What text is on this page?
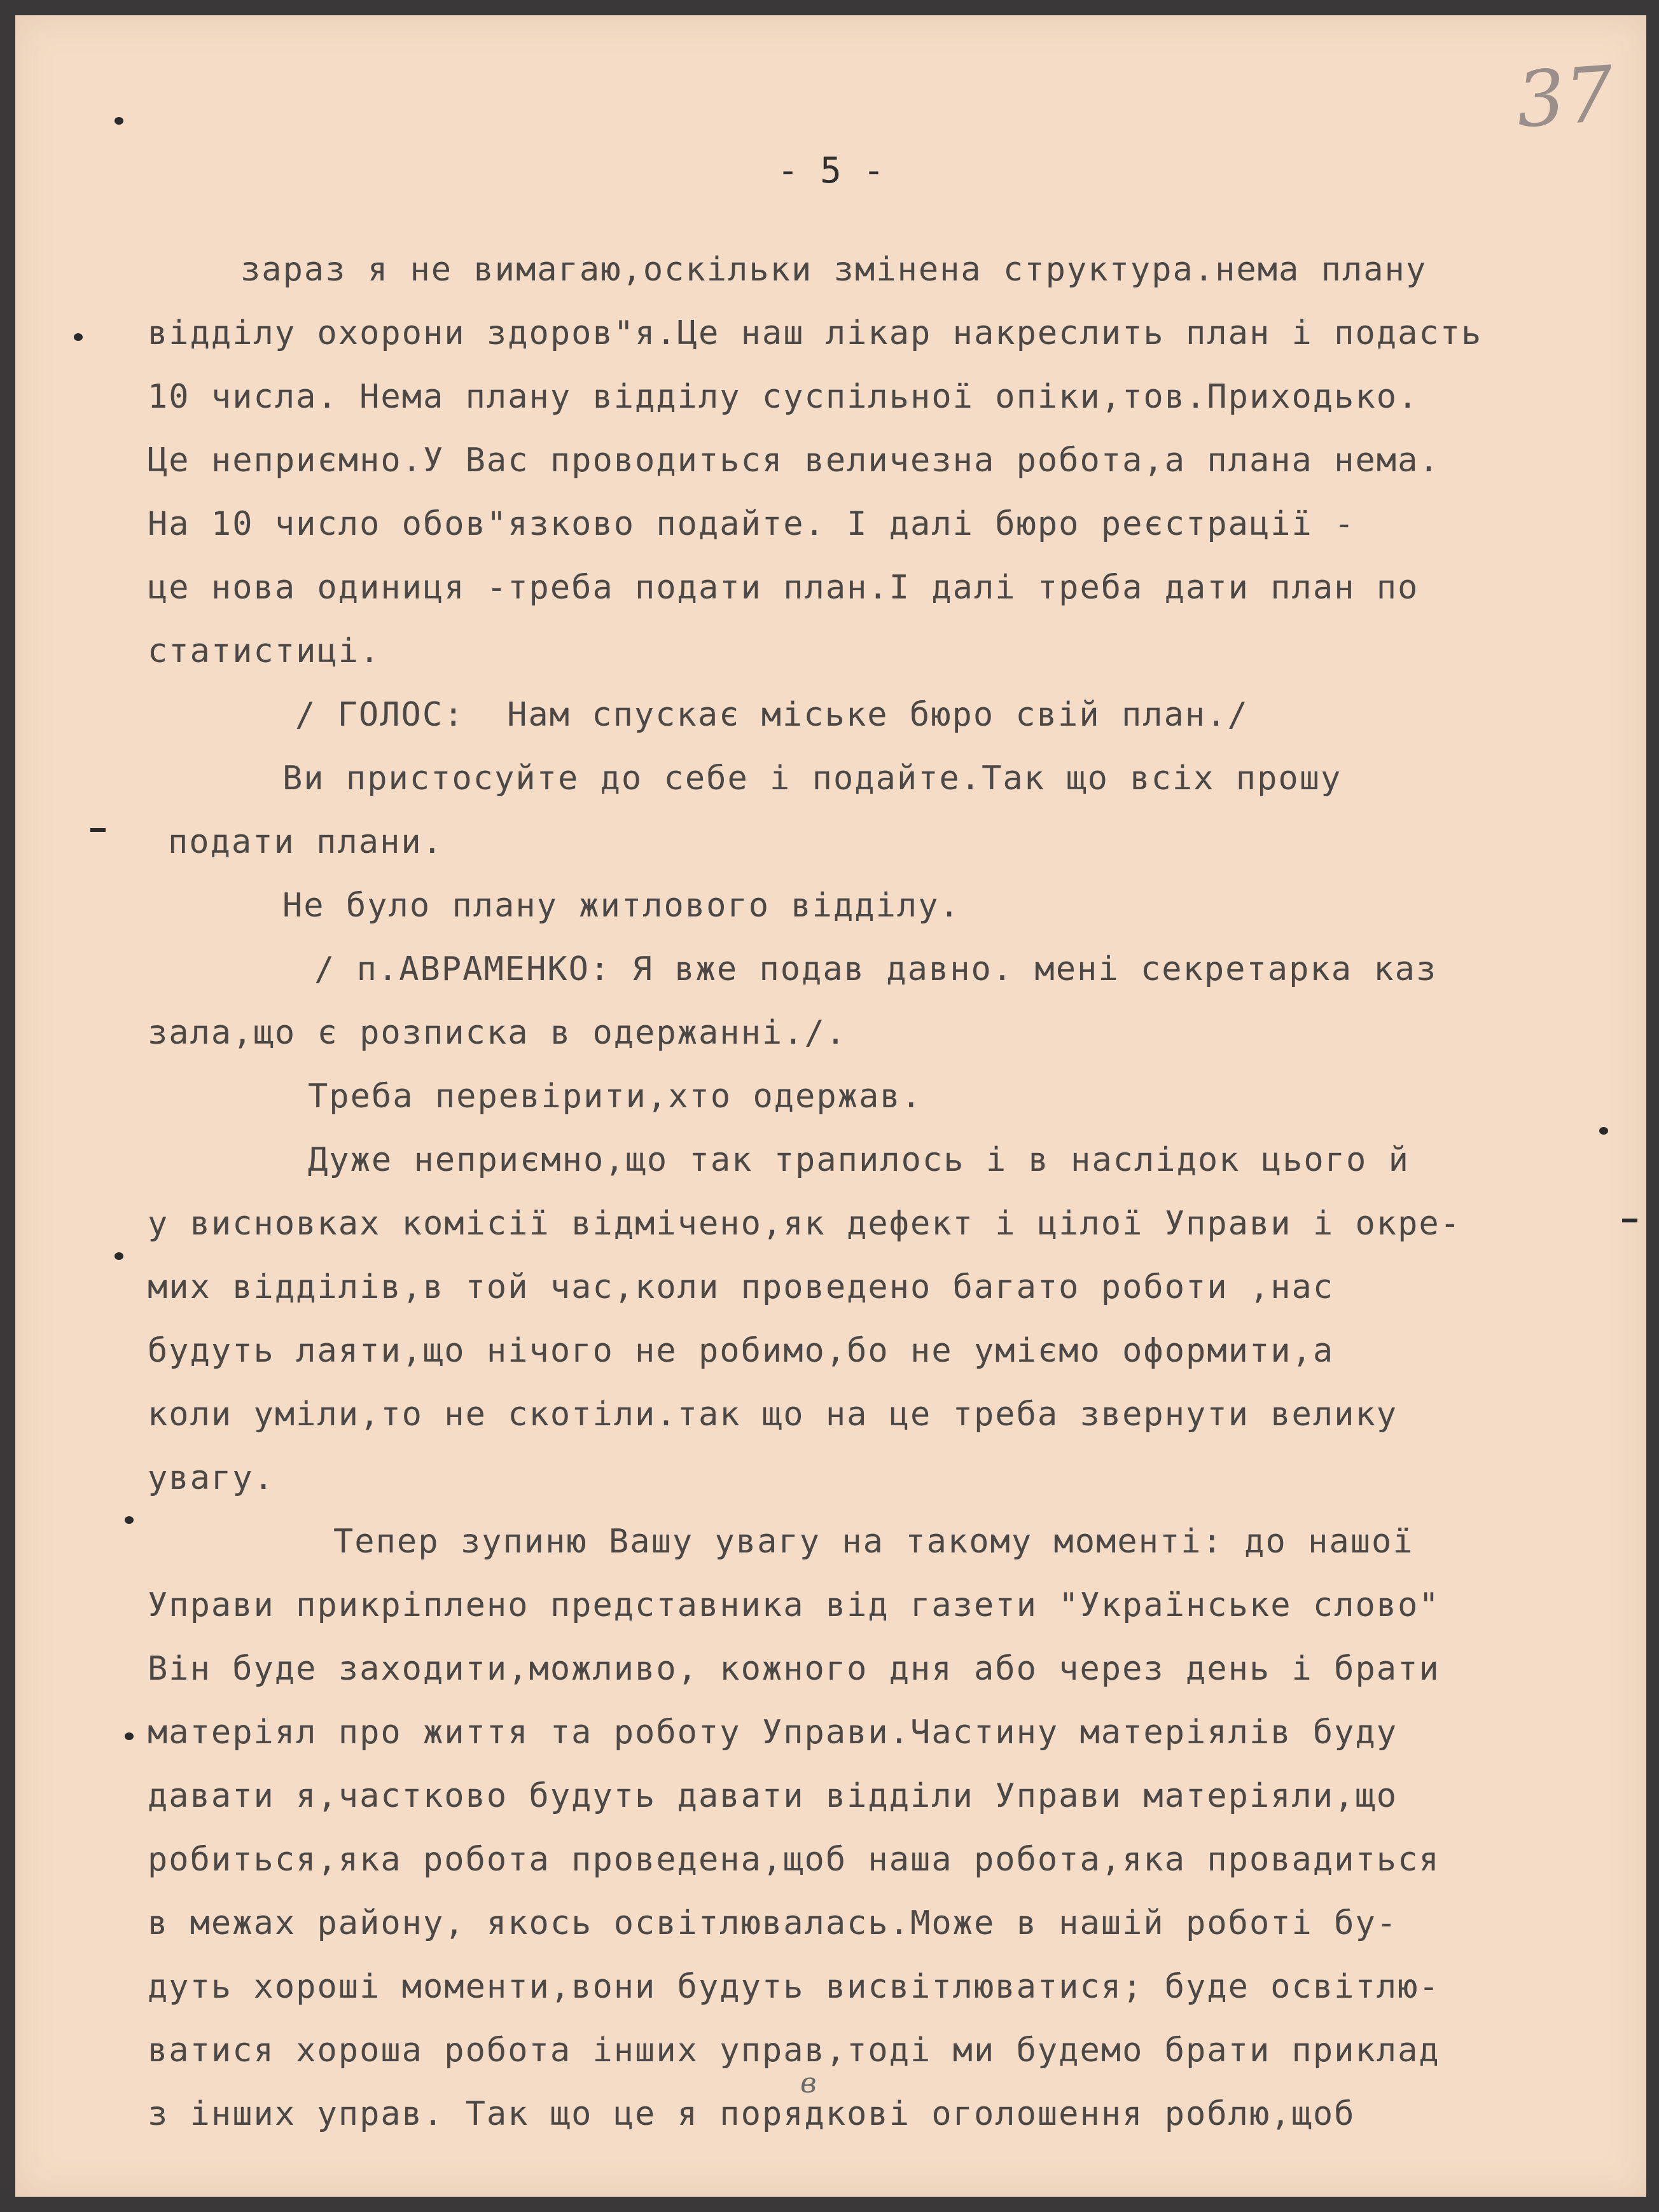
37
- 5 -
зараз я не вимагаю,оскільки змінена структура.нема плану
відділу охорони здоров"я.Це наш лікар накреслить план і подасть
10 числа. Нема плану відділу суспільної опіки,тов.Приходько.
Це неприємно.У Вас проводиться величезна робота,а плана нема.
На 10 число обов"язково подайте. І далі бюро реєстрації -
це нова одиниця -треба подати план.І далі треба дати план по
статистиці.
/ ГОЛОС:  Нам спускає міське бюро свій план./
Ви пристосуйте до себе і подайте.Так що всіх прошу
подати плани.
Не було плану житлового відділу.
/ п.АВРАМЕНКО: Я вже подав давно. мені секретарка каз
зала,що є розписка в одержанні./.
Треба перевірити,хто одержав.
Дуже неприємно,що так трапилось і в наслідок цього й
у висновках комісії відмічено,як дефект і цілої Управи і окре-
мих відділів,в той час,коли проведено багато роботи ,нас
будуть лаяти,що нічого не робимо,бо не уміємо оформити,а
коли уміли,то не скотіли.так що на це треба звернути велику
увагу.
Тепер зупиню Вашу увагу на такому моменті: до нашої
Управи прикріплено представника від газети "Українське слово"
Він буде заходити,можливо, кожного дня або через день і брати
матеріял про життя та роботу Управи.Частину матеріялів буду
давати я,частково будуть давати відділи Управи матеріяли,що
робиться,яка робота проведена,щоб наша робота,яка провадиться
в межах району, якось освітлювалась.Може в нашій роботі бу-
дуть хороші моменти,вони будуть висвітлюватися; буде освітлю-
ватися хороша робота інших управ,тоді ми будемо брати приклад
з інших управ. Так що це я порядкові оголошення роблю,щоб
в
